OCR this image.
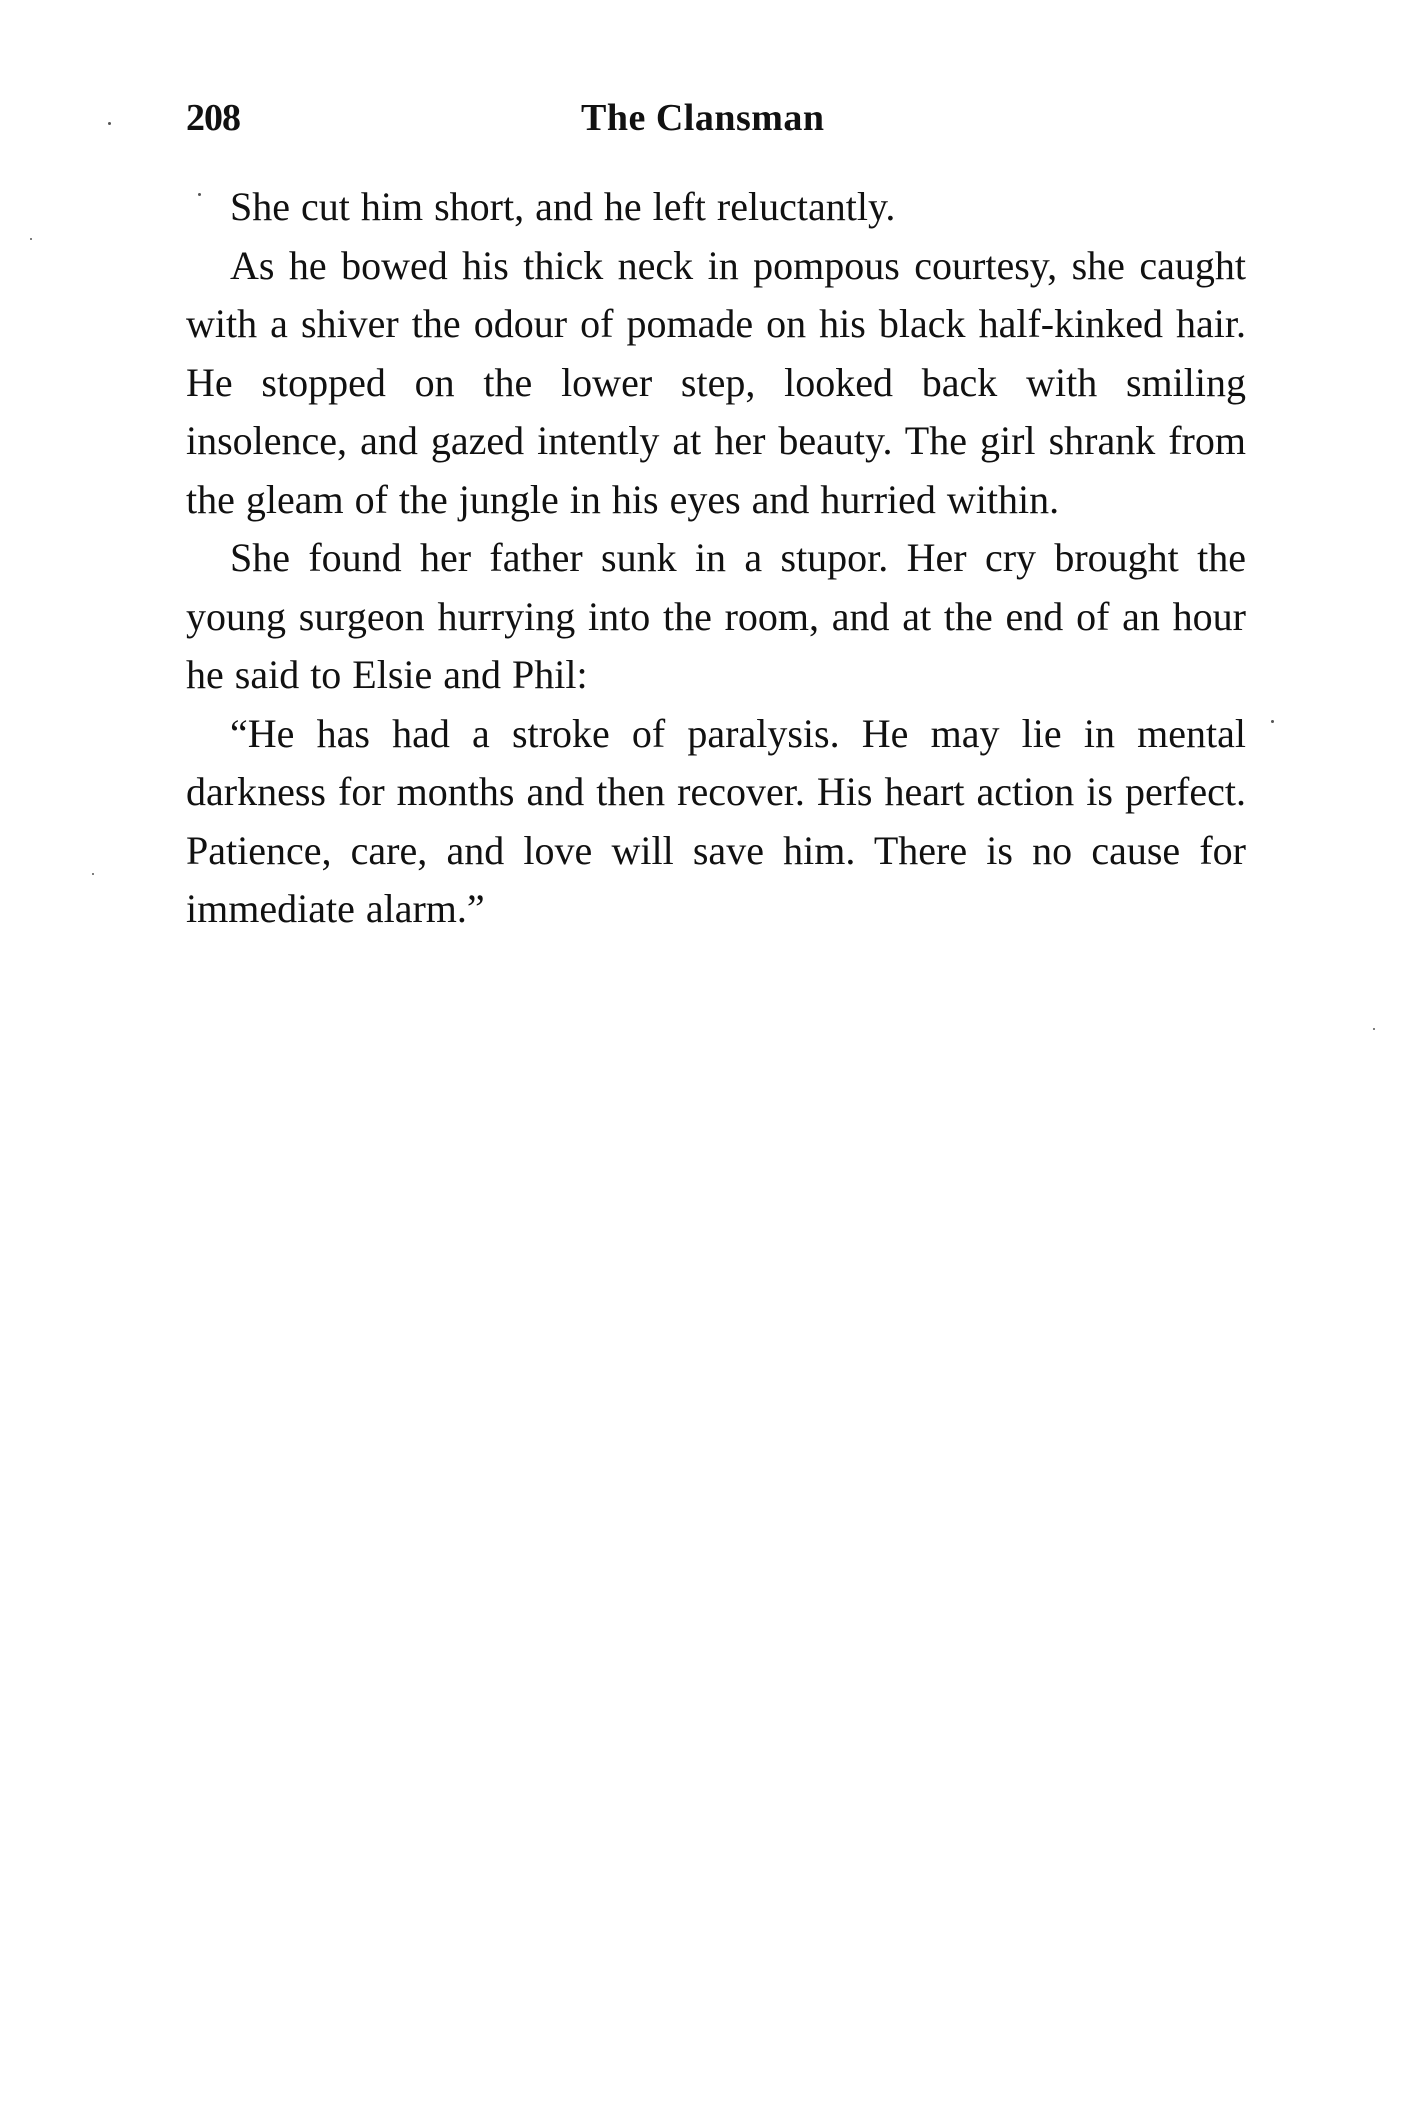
208	The Clansman

She cut him short, and he left reluctantly.

As he bowed his thick neck in pompous courtesy, she caught with a shiver the odour of pomade on his black half-kinked hair. He stopped on the lower step, looked back with smiling insolence, and gazed intently at her beauty. The girl shrank from the gleam of the jungle in his eyes and hurried within.

She found her father sunk in a stupor. Her cry brought the young surgeon hurrying into the room, and at the end of an hour he said to Elsie and Phil:

“He has had a stroke of paralysis. He may lie in mental darkness for months and then recover. His heart action is perfect. Patience, care, and love will save him. There is no cause for immediate alarm.”
